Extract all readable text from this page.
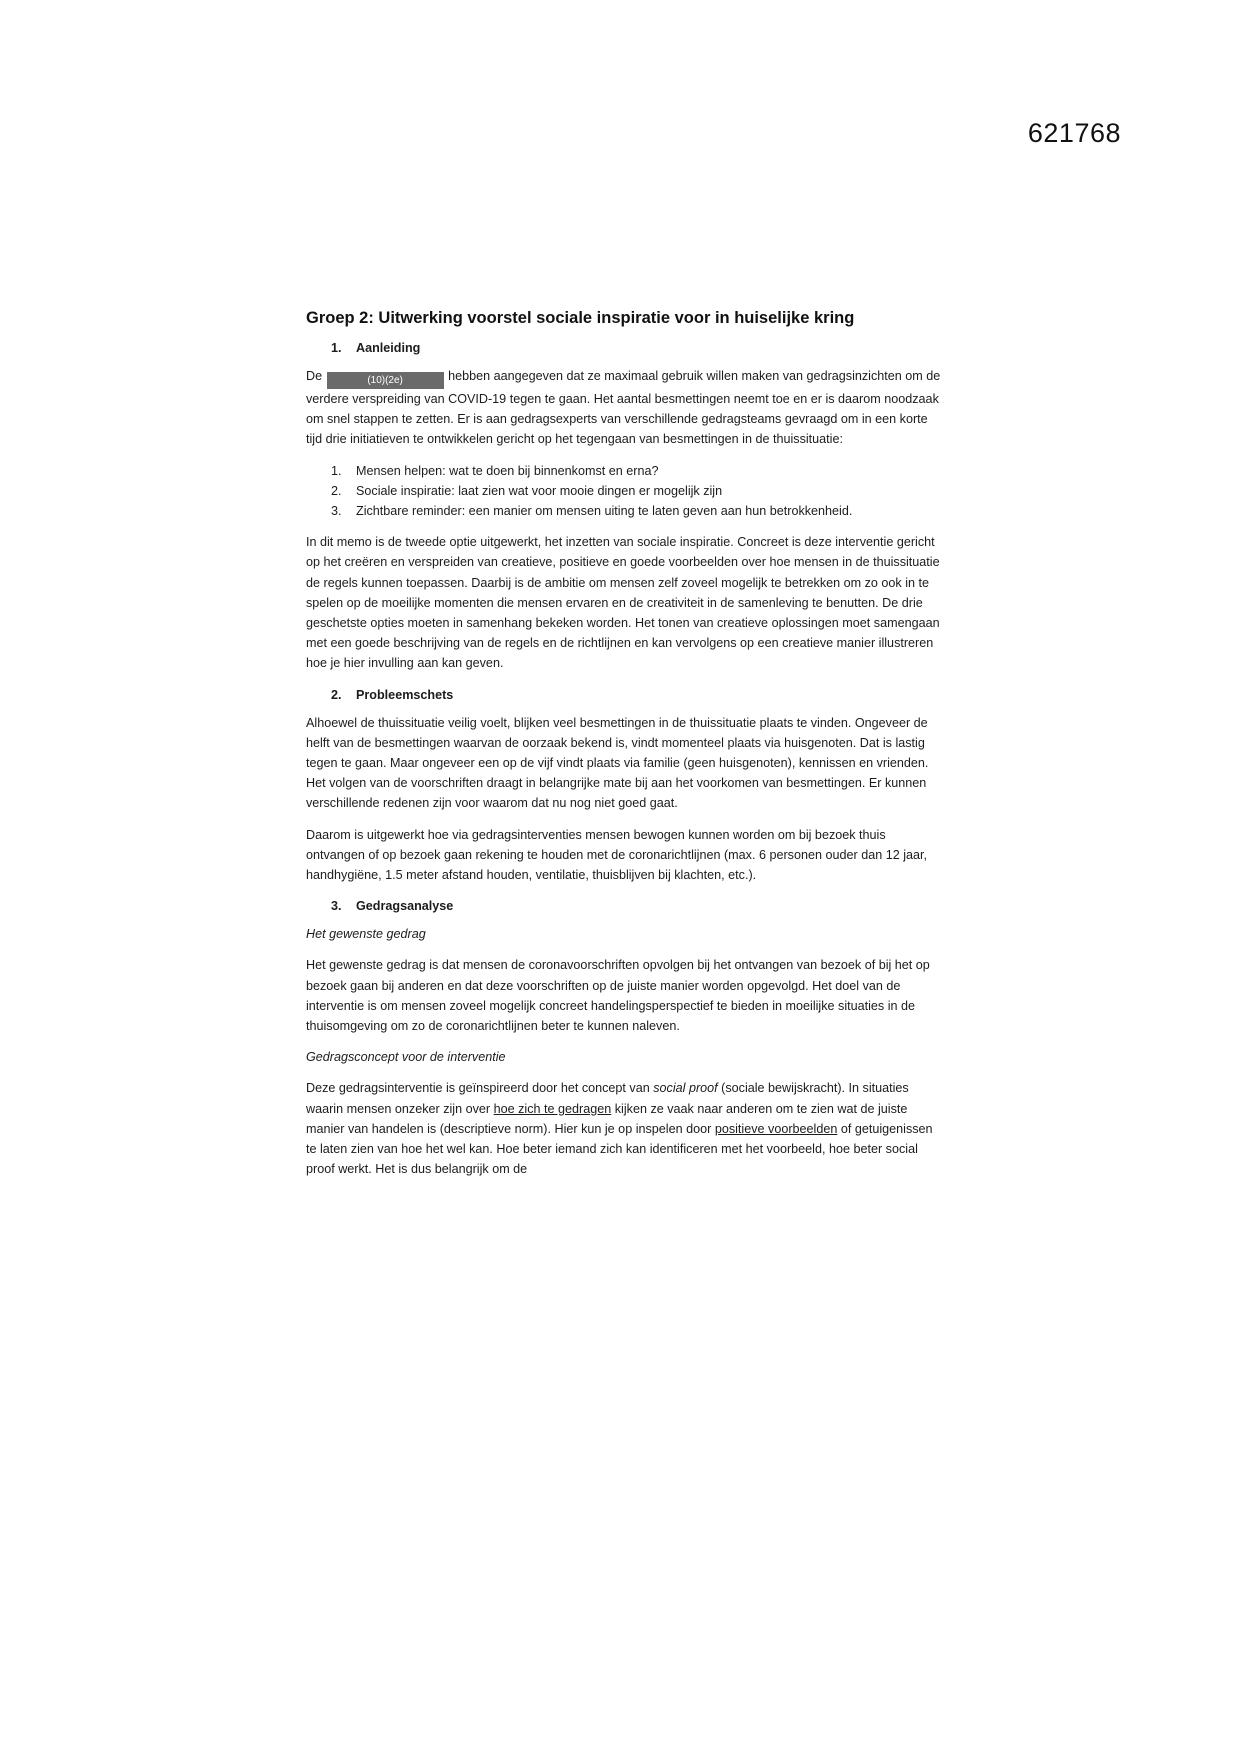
621768
Groep 2: Uitwerking voorstel sociale inspiratie voor in huiselijke kring
1. Aanleiding

De	(10)(2e)	hebben aangegeven dat ze maximaal gebruik willen maken van gedragsinzichten om de verdere verspreiding van COVID-19 tegen te gaan. Het aantal besmettingen neemt toe en er is daarom noodzaak om snel stappen te zetten. Er is aan gedragsexperts van verschillende gedragsteams gevraagd om in een korte tijd drie initiatieven te ontwikkelen gericht op het tegengaan van besmettingen in de thuissituatie:

1. Mensen helpen: wat te doen bij binnenkomst en erna?
2. Sociale inspiratie: laat zien wat voor mooie dingen er mogelijk zijn
3. Zichtbare reminder: een manier om mensen uiting te laten geven aan hun betrokkenheid.

In dit memo is de tweede optie uitgewerkt, het inzetten van sociale inspiratie. Concreet is deze interventie gericht op het creëren en verspreiden van creatieve, positieve en goede voorbeelden over hoe mensen in de thuissituatie de regels kunnen toepassen. Daarbij is de ambitie om mensen zelf zoveel mogelijk te betrekken om zo ook in te spelen op de moeilijke momenten die mensen ervaren en de creativiteit in de samenleving te benutten. De drie geschetste opties moeten in samenhang bekeken worden. Het tonen van creatieve oplossingen moet samengaan met een goede beschrijving van de regels en de richtlijnen en kan vervolgens op een creatieve manier illustreren hoe je hier invulling aan kan geven.

2. Probleemschets

Alhoewel de thuissituatie veilig voelt, blijken veel besmettingen in de thuissituatie plaats te vinden. Ongeveer de helft van de besmettingen waarvan de oorzaak bekend is, vindt momenteel plaats via huisgenoten. Dat is lastig tegen te gaan. Maar ongeveer een op de vijf vindt plaats via familie (geen huisgenoten), kennissen en vrienden. Het volgen van de voorschriften draagt in belangrijke mate bij aan het voorkomen van besmettingen. Er kunnen verschillende redenen zijn voor waarom dat nu nog niet goed gaat.

Daarom is uitgewerkt hoe via gedragsinterventies mensen bewogen kunnen worden om bij bezoek thuis ontvangen of op bezoek gaan rekening te houden met de coronarichtlijnen (max. 6 personen ouder dan 12 jaar, handhygiëne, 1.5 meter afstand houden, ventilatie, thuisblijven bij klachten, etc.).

3. Gedragsanalyse
Het gewenste gedrag

Het gewenste gedrag is dat mensen de coronavoorschriften opvolgen bij het ontvangen van bezoek of bij het op bezoek gaan bij anderen en dat deze voorschriften op de juiste manier worden opgevolgd. Het doel van de interventie is om mensen zoveel mogelijk concreet handelingsperspectief te bieden in moeilijke situaties in de thuisomgeving om zo de coronarichtlijnen beter te kunnen naleven.

Gedragsconcept voor de interventie

Deze gedragsinterventie is geïnspireerd door het concept van social proof (sociale bewijskracht). In situaties waarin mensen onzeker zijn over hoe zich te gedragen kijken ze vaak naar anderen om te zien wat de juiste manier van handelen is (descriptieve norm). Hier kun je op inspelen door positieve voorbeelden of getuigenissen te laten zien van hoe het wel kan. Hoe beter iemand zich kan identificeren met het voorbeeld, hoe beter social proof werkt. Het is dus belangrijk om de
